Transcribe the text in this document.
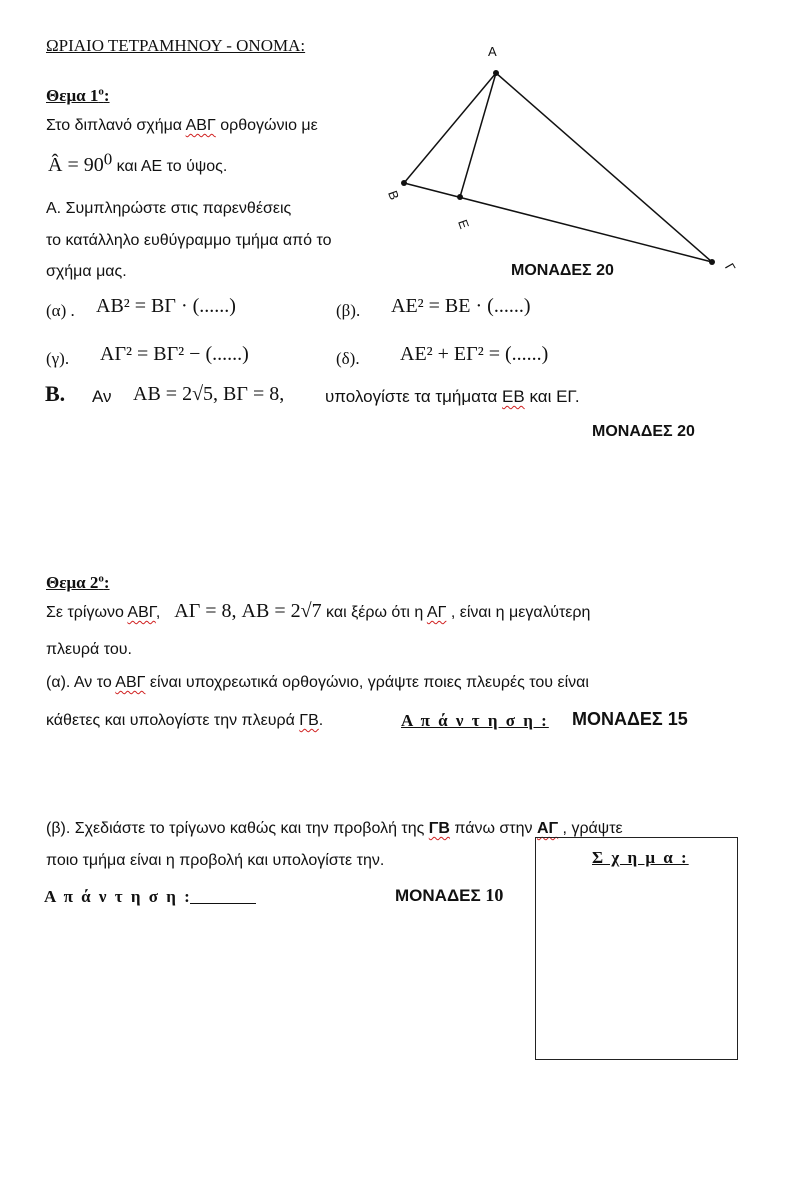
ΩΡΙΑΙΟ ΤΕΤΡΑΜΗΝΟΥ - ΟΝΟΜΑ:	A
B
E
Γ
Θεμα $1^o$:
Στο διπλανό σχήμα ΑΒΓ ορθογώνιο με
Â = $90^0$ και ΑΕ το ύψος.
Α. Συμπληρώστε στις παρενθέσεις
το κατάλληλο ευθύγραμμο τμήμα από το
σχήμα μας.	ΜΟΝΑΔΕΣ 20
(α) . AB² = ΒΓ · (......)	(β). AE² = BE · (......)
(γ). AΓ² = ΒΓ² − (......)	(δ). AE² + EΓ² = (......)
B. Αν AB = 2√5, ΒΓ = 8, υπολογίστε τα τμήματα ΕΒ και ΕΓ.
ΜΟΝΑΔΕΣ 20
Θεμα $2^o$:
Σε τρίγωνο ΑΒΓ, AΓ = 8, AB = 2√7 και ξέρω ότι η ΑΓ , είναι η μεγαλύτερη
πλευρά του.
(α). Αν το ΑΒΓ είναι υποχρεωτικά ορθογώνιο, γράψτε ποιες πλευρές του είναι
κάθετες και υπολογίστε την πλευρά ΓΒ.	Α π ά ν τ η σ η :	ΜΟΝΑΔΕΣ 15
(β). Σχεδιάστε το τρίγωνο καθώς και την προβολή της ΓΒ πάνω στην ΑΓ , γράψτε
ποιο τμήμα είναι η προβολή και υπολογίστε την.
Α π ά ν τ η σ η :	ΜΟΝΑΔΕΣ 10
Σ χ η μ α :
